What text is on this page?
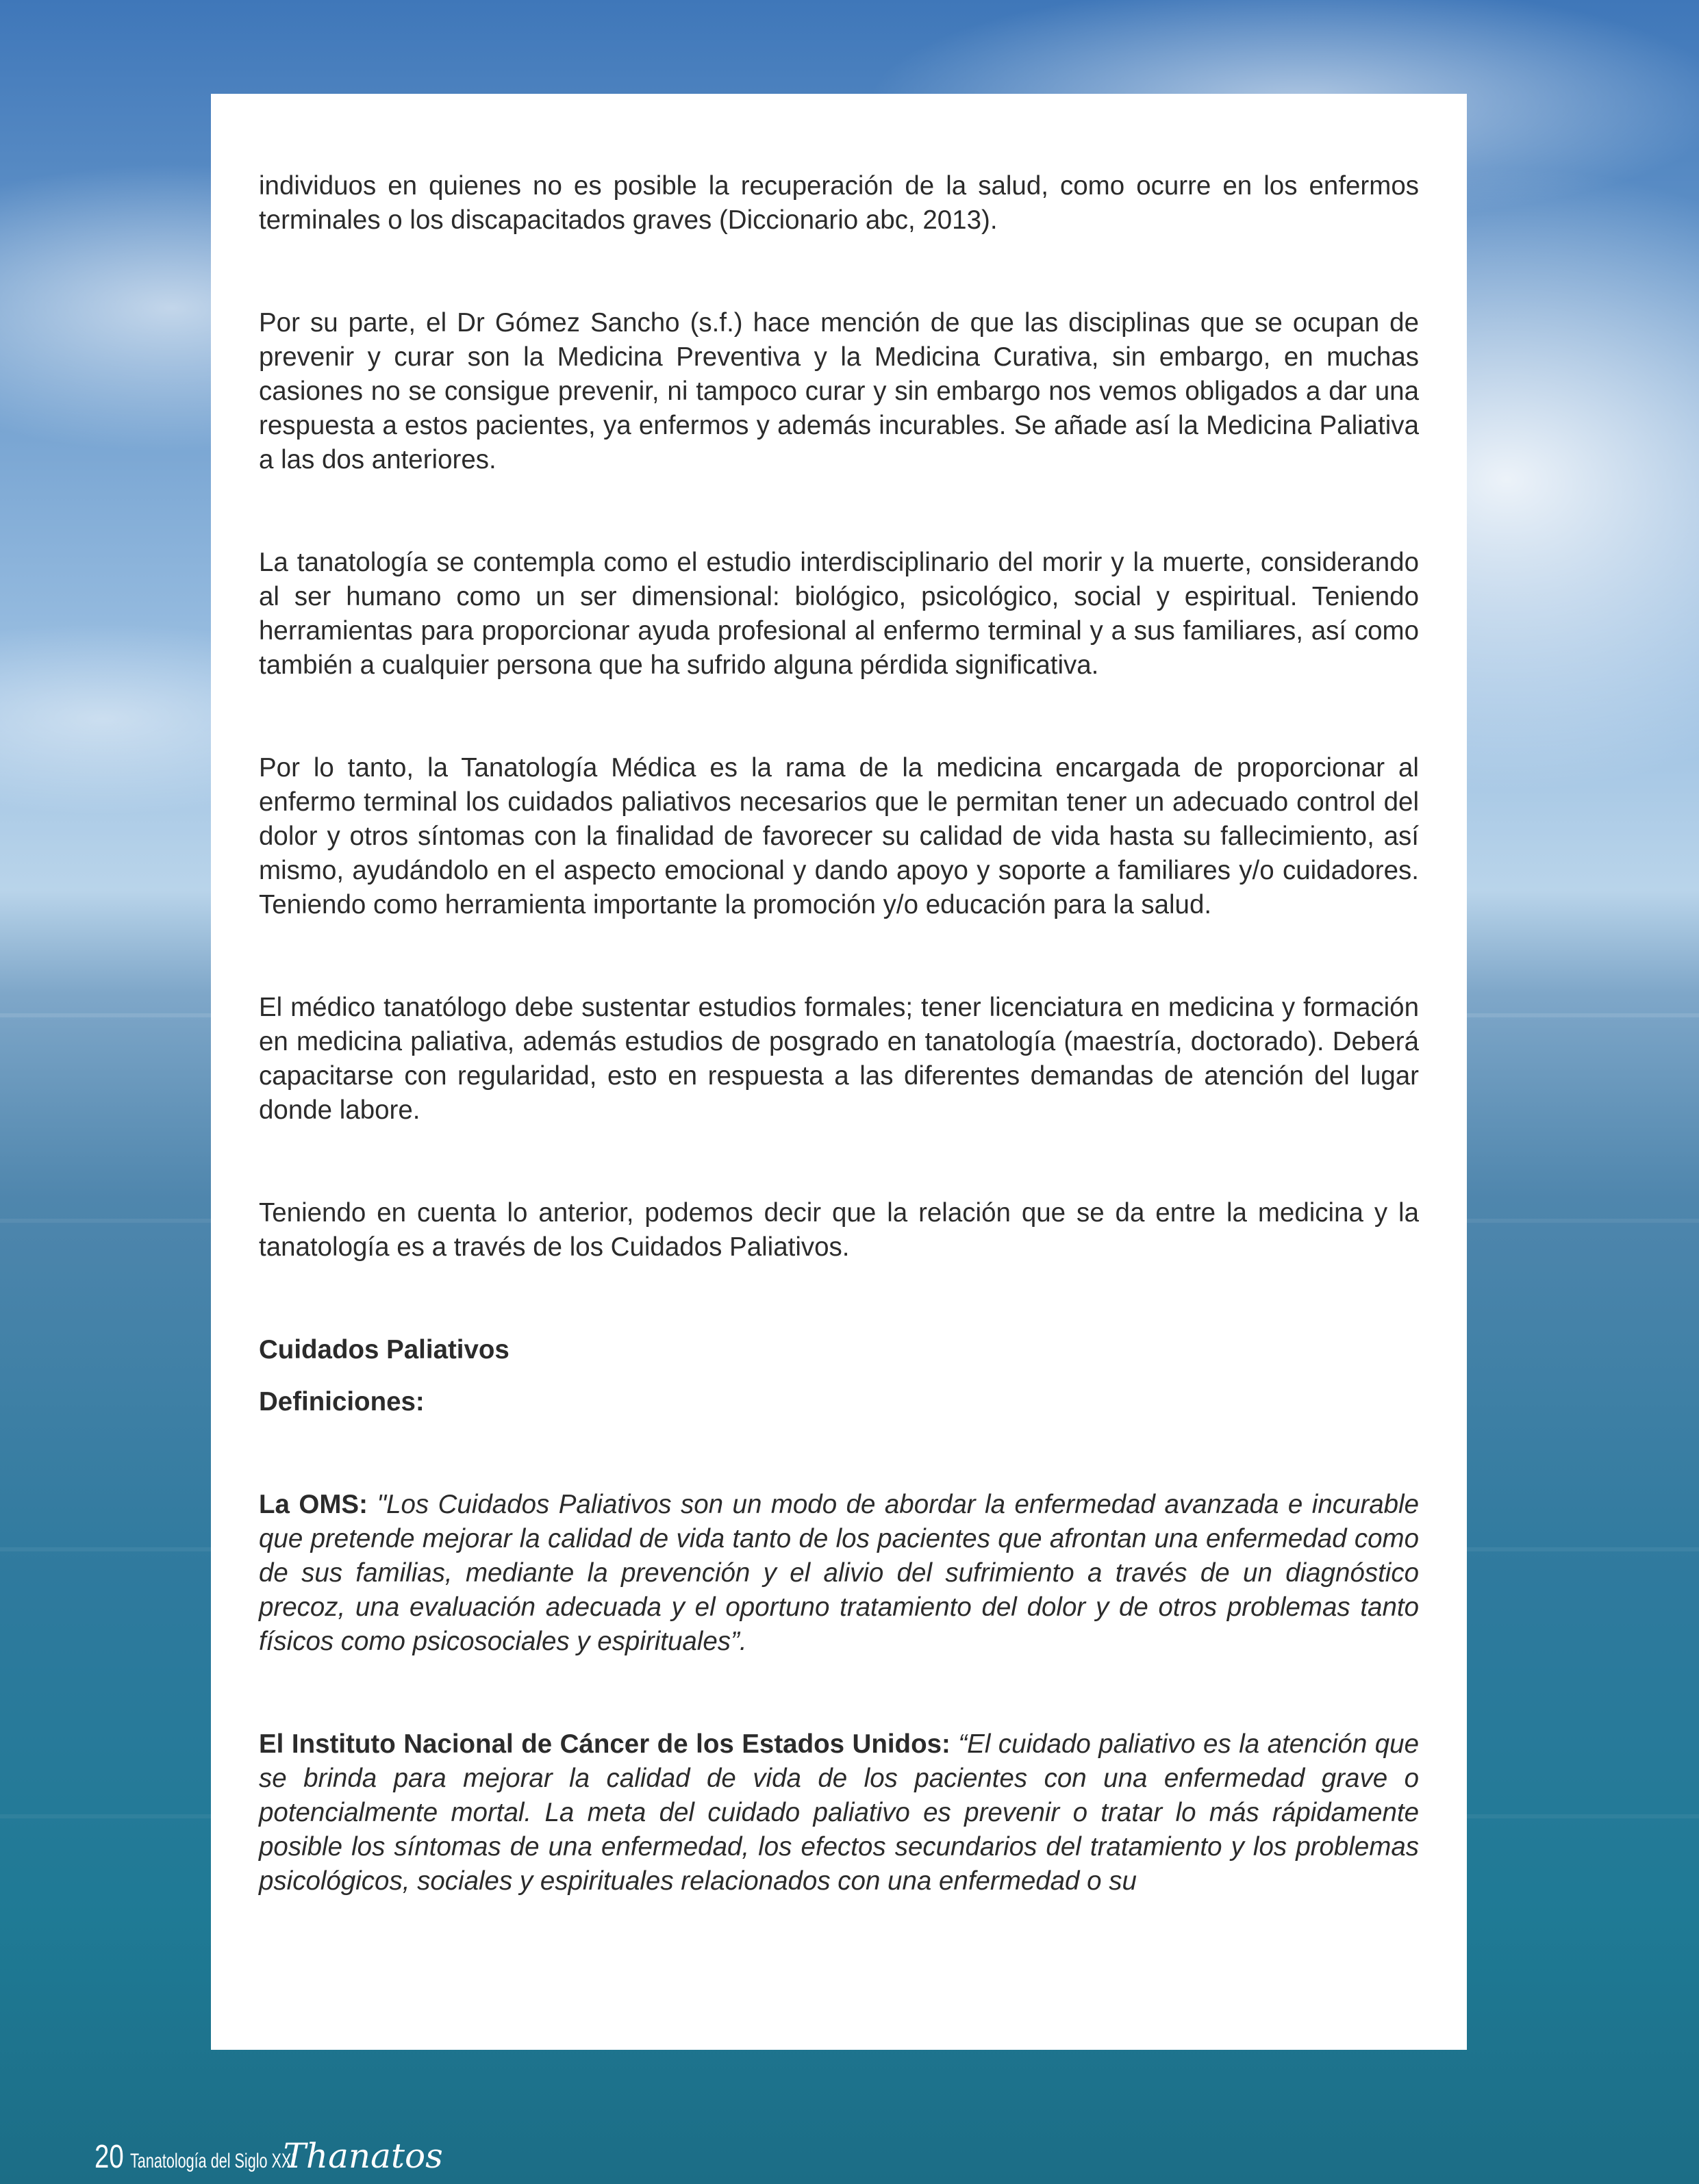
individuos en quienes no es posible la recuperación de la salud, como ocurre en los enfermos terminales o los discapacitados graves (Diccionario abc, 2013).

Por su parte, el Dr Gómez Sancho (s.f.) hace mención de que las disciplinas que se ocupan de prevenir y curar son la Medicina Preventiva y la Medicina Curativa, sin embargo, en muchas casiones no se consigue prevenir, ni tampoco curar y sin embargo nos vemos obligados a dar una respuesta a estos pacientes, ya enfermos y además incurables. Se añade así la Medicina Paliativa a las dos anteriores.

La tanatología se contempla como el estudio interdisciplinario del morir y la muerte, considerando al ser humano como un ser dimensional: biológico, psicológico, social y espiritual. Teniendo herramientas para proporcionar ayuda profesional al enfermo terminal y a sus familiares, así como también a cualquier persona que ha sufrido alguna pérdida significativa.

Por lo tanto, la Tanatología Médica es la rama de la medicina encargada de proporcionar al enfermo terminal los cuidados paliativos necesarios que le permitan tener un adecuado control del dolor y otros síntomas con la finalidad de favorecer su calidad de vida hasta su fallecimiento, así mismo, ayudándolo en el aspecto emocional y dando apoyo y soporte a familiares y/o cuidadores. Teniendo como herramienta importante la promoción y/o educación para la salud.

El médico tanatólogo debe sustentar estudios formales; tener licenciatura en medicina y formación en medicina paliativa, además estudios de posgrado en tanatología (maestría, doctorado). Deberá capacitarse con regularidad, esto en respuesta a las diferentes demandas de atención del lugar donde labore.

Teniendo en cuenta lo anterior, podemos decir que la relación que se da entre la medicina y la tanatología es a través de los Cuidados Paliativos.

Cuidados Paliativos

Definiciones:

La OMS: "Los Cuidados Paliativos son un modo de abordar la enfermedad avanzada e incurable que pretende mejorar la calidad de vida tanto de los pacientes que afrontan una enfermedad como de sus familias, mediante la prevención y el alivio del sufrimiento a través de un diagnóstico precoz, una evaluación adecuada y el oportuno tratamiento del dolor y de otros problemas tanto físicos como psicosociales y espirituales”.

El Instituto Nacional de Cáncer de los Estados Unidos: “El cuidado paliativo es la atención que se brinda para mejorar la calidad de vida de los pacientes con una enfermedad grave o potencialmente mortal. La meta del cuidado paliativo es prevenir o tratar lo más rápidamente posible los síntomas de una enfermedad, los efectos secundarios del tratamiento y los problemas psicológicos, sociales y espirituales relacionados con una enfermedad o su

20 Tanatología del Siglo XXI Thanatos
